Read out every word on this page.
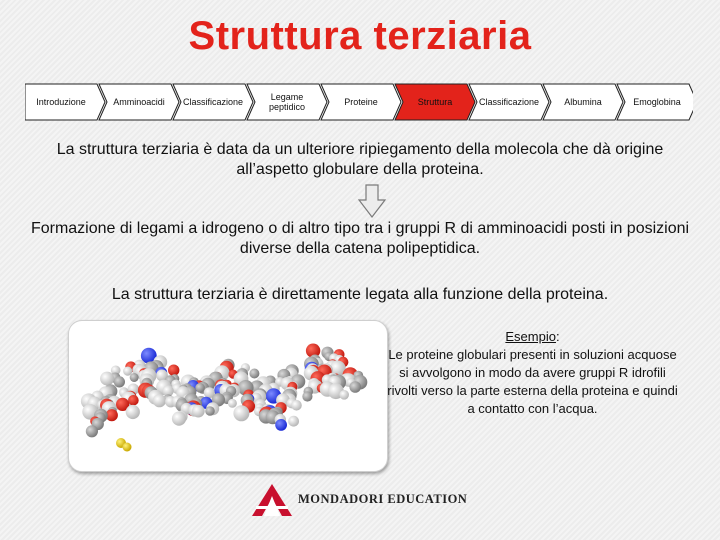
Struttura terziaria
Introduzione	Amminoacidi	Classificazione	Legame peptidico	Proteine	Struttura	Classificazione	Albumina	Emoglobina
La struttura terziaria è data da un ulteriore ripiegamento della molecola che dà origine all’aspetto globulare della proteina.
Formazione di legami a idrogeno o di altro tipo tra i gruppi R di amminoacidi posti in posizioni diverse della catena polipeptidica.
La struttura terziaria è direttamente legata alla funzione della proteina.
Esempio:
Le proteine globulari presenti in soluzioni acquose si avvolgono in modo da avere gruppi R idrofili rivolti verso la parte esterna della proteina e quindi a contatto con l’acqua.
MONDADORI EDUCATION
